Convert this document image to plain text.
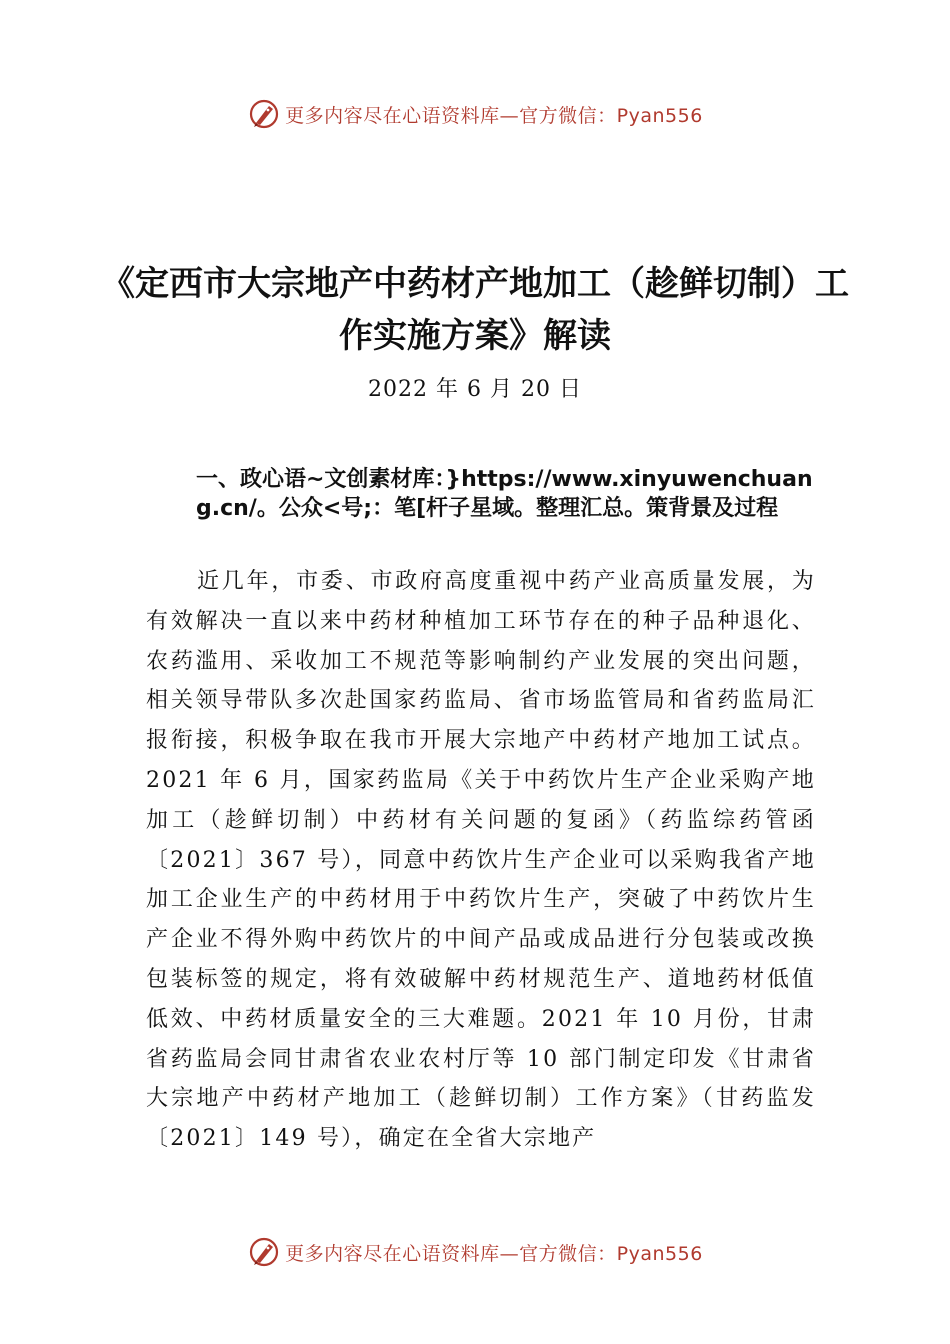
更多内容尽在心语资料库—官方微信：Pyan556
《定西市大宗地产中药材产地加工（趁鲜切制）工作实施方案》解读
2022 年 6 月 20 日
一、政心语~文创素材库：}https://www.xinyuwenchuang.cn/。公众<号;：笔[杆子星域。整理汇总。策背景及过程

近几年，市委、市政府高度重视中药产业高质量发展，为有效解决一直以来中药材种植加工环节存在的种子品种退化、农药滥用、采收加工不规范等影响制约产业发展的突出问题，相关领导带队多次赴国家药监局、省市场监管局和省药监局汇报衔接，积极争取在我市开展大宗地产中药材产地加工试点。2021 年 6 月，国家药监局《关于中药饮片生产企业采购产地加工（趁鲜切制）中药材有关问题的复函》（药监综药管函〔2021〕367 号），同意中药饮片生产企业可以采购我省产地加工企业生产的中药材用于中药饮片生产，突破了中药饮片生产企业不得外购中药饮片的中间产品或成品进行分包装或改换包装标签的规定，将有效破解中药材规范生产、道地药材低值低效、中药材质量安全的三大难题。2021 年 10 月份，甘肃省药监局会同甘肃省农业农村厅等 10 部门制定印发《甘肃省大宗地产中药材产地加工（趁鲜切制）工作方案》（甘药监发〔2021〕149 号），确定在全省大宗地产

更多内容尽在心语资料库—官方微信：Pyan556
